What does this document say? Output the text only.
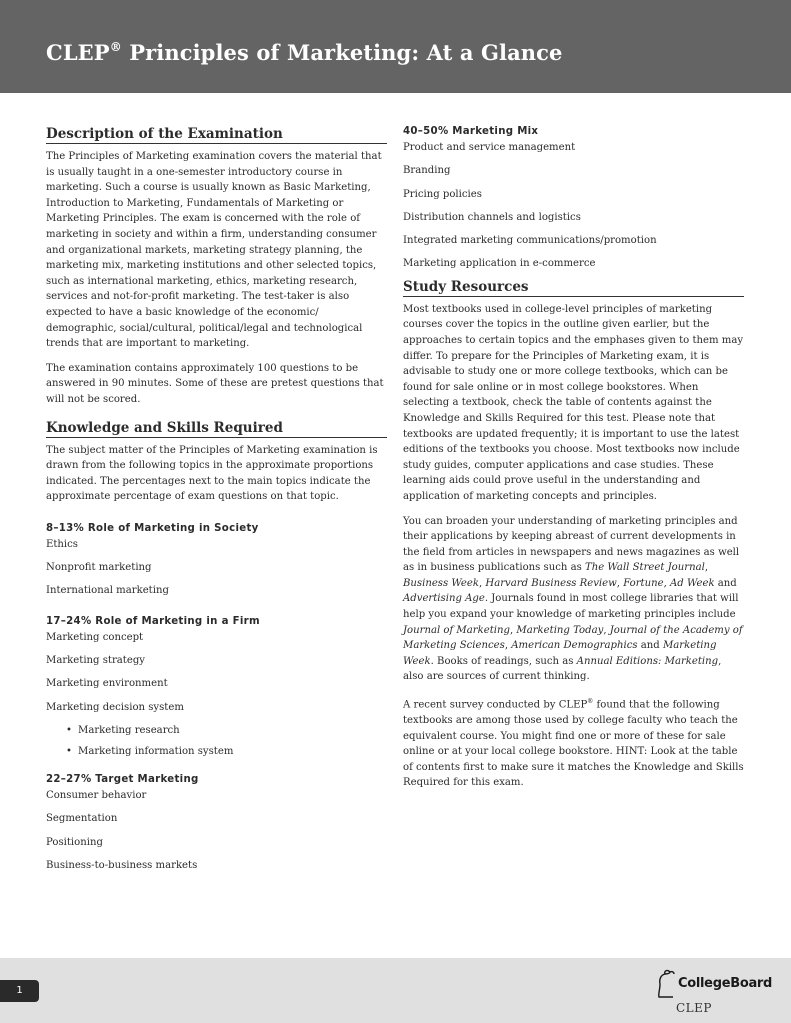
CLEP® Principles of Marketing: At a Glance
Description of the Examination

The Principles of Marketing examination covers the material that is usually taught in a one-semester introductory course in marketing. Such a course is usually known as Basic Marketing, Introduction to Marketing, Fundamentals of Marketing or Marketing Principles. The exam is concerned with the role of marketing in society and within a firm, understanding consumer and organizational markets, marketing strategy planning, the marketing mix, marketing institutions and other selected topics, such as international marketing, ethics, marketing research, services and not-for-profit marketing. The test-taker is also expected to have a basic knowledge of the economic/ demographic, social/cultural, political/legal and technological trends that are important to marketing.

The examination contains approximately 100 questions to be answered in 90 minutes. Some of these are pretest questions that will not be scored.

Knowledge and Skills Required

The subject matter of the Principles of Marketing examination is drawn from the following topics in the approximate proportions indicated. The percentages next to the main topics indicate the approximate percentage of exam questions on that topic.

8–13% Role of Marketing in Society
Ethics
Nonprofit marketing
International marketing
17–24% Role of Marketing in a Firm
Marketing concept
Marketing strategy
Marketing environment
Marketing decision system
• Marketing research
• Marketing information system
22–27% Target Marketing
Consumer behavior
Segmentation
Positioning
Business-to-business markets
40–50% Marketing Mix
Product and service management
Branding
Pricing policies
Distribution channels and logistics
Integrated marketing communications/promotion
Marketing application in e-commerce
Study Resources

Most textbooks used in college-level principles of marketing courses cover the topics in the outline given earlier, but the approaches to certain topics and the emphases given to them may differ. To prepare for the Principles of Marketing exam, it is advisable to study one or more college textbooks, which can be found for sale online or in most college bookstores. When selecting a textbook, check the table of contents against the Knowledge and Skills Required for this test. Please note that textbooks are updated frequently; it is important to use the latest editions of the textbooks you choose. Most textbooks now include study guides, computer applications and case studies. These learning aids could prove useful in the understanding and application of marketing concepts and principles.

You can broaden your understanding of marketing principles and their applications by keeping abreast of current developments in the field from articles in newspapers and news magazines as well as in business publications such as The Wall Street Journal, Business Week, Harvard Business Review, Fortune, Ad Week and Advertising Age. Journals found in most college libraries that will help you expand your knowledge of marketing principles include Journal of Marketing, Marketing Today, Journal of the Academy of Marketing Sciences, American Demographics and Marketing Week. Books of readings, such as Annual Editions: Marketing, also are sources of current thinking.

A recent survey conducted by CLEP® found that the following textbooks are among those used by college faculty who teach the equivalent course. You might find one or more of these for sale online or at your local college bookstore. HINT: Look at the table of contents first to make sure it matches the Knowledge and Skills Required for this exam.

1	CollegeBoard
CLEP
